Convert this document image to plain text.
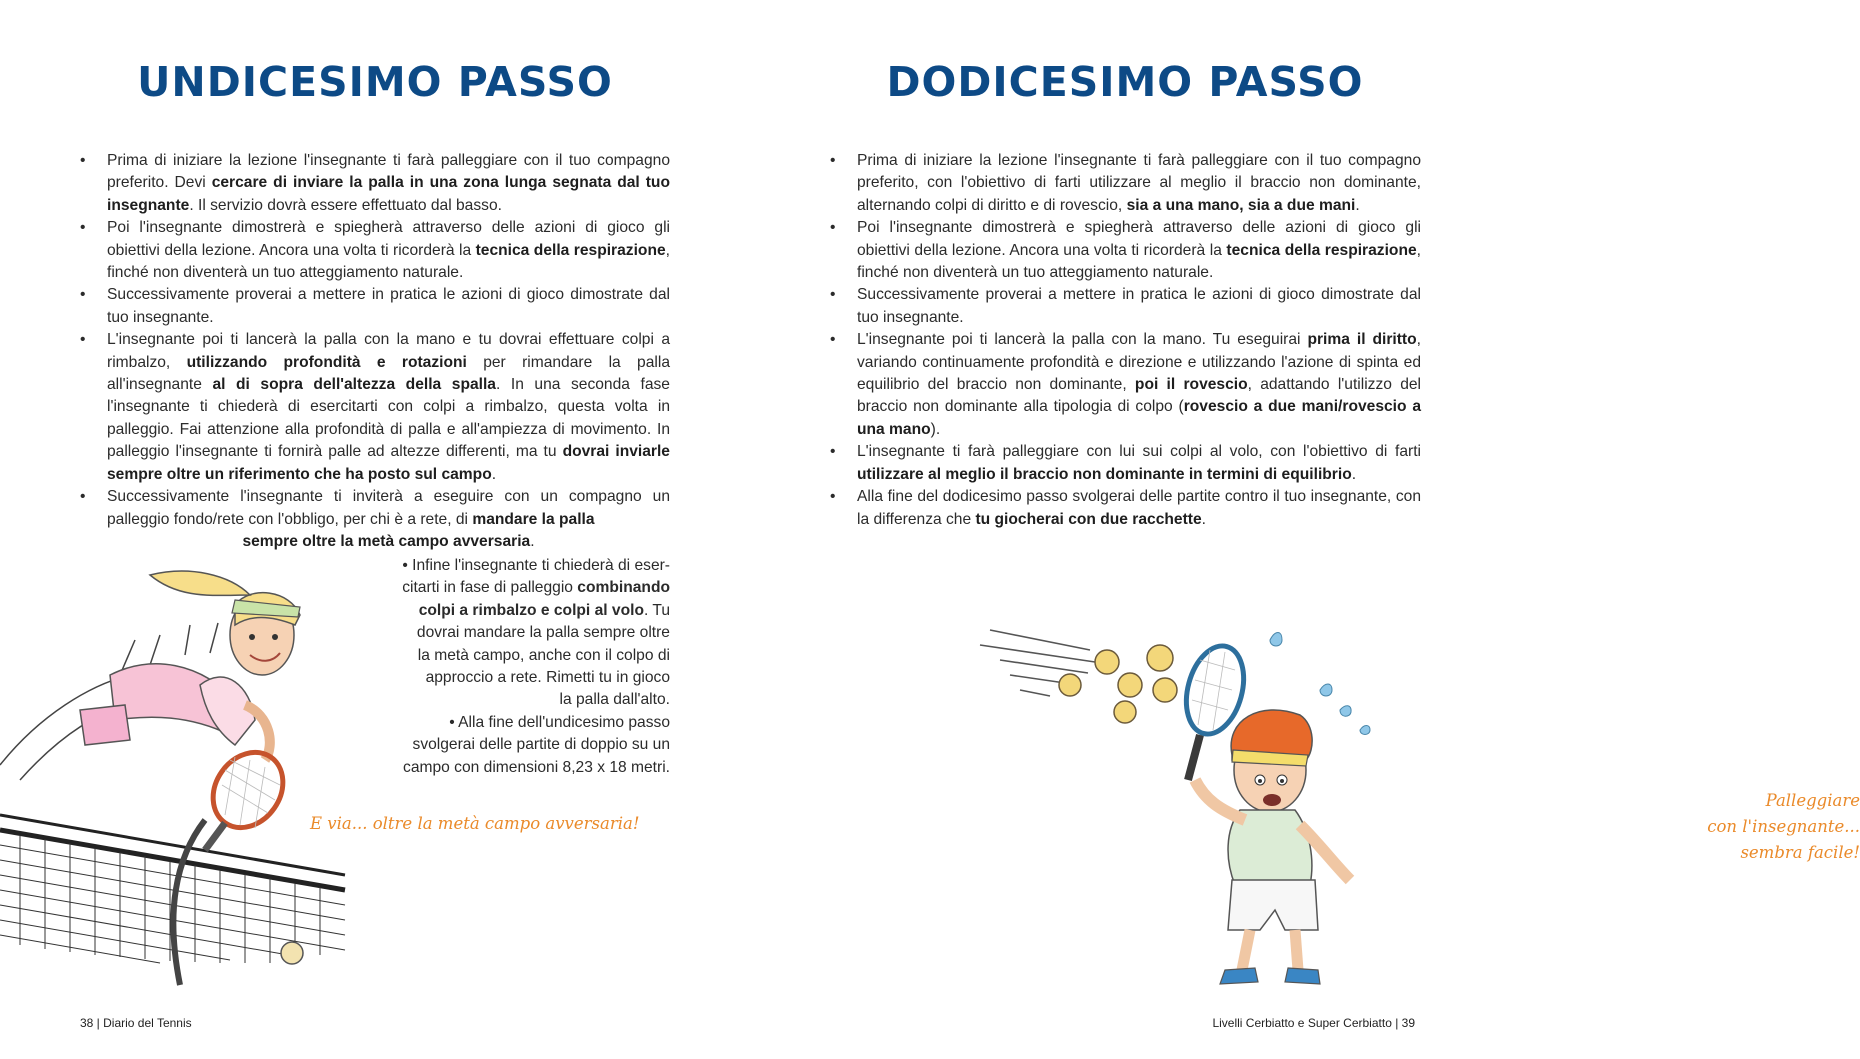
UNDICESIMO PASSO
• Prima di iniziare la lezione l'insegnante ti farà palleggiare con il tuo compagno preferito. Devi cercare di inviare la palla in una zona lunga segnata dal tuo insegnante. Il servizio dovrà essere effettuato dal basso.
• Poi l'insegnante dimostrerà e spiegherà attraverso delle azioni di gioco gli obiettivi della lezione. Ancora una volta ti ricorderà la tecnica della respirazione, finché non diventerà un tuo atteggiamento naturale.
• Successivamente proverai a mettere in pratica le azioni di gioco dimostrate dal tuo insegnante.
• L'insegnante poi ti lancerà la palla con la mano e tu dovrai effettuare colpi a rimbalzo, utilizzando profondità e rotazioni per rimandare la palla all'insegnante al di sopra dell'altezza della spalla. In una seconda fase l'insegnante ti chiederà di esercitarti con colpi a rimbalzo, questa volta in palleggio. Fai attenzione alla profondità di palla e all'ampiezza di movimento. In palleggio l'insegnante ti fornirà palle ad altezze differenti, ma tu dovrai inviarle sempre oltre un riferimento che ha posto sul campo.
• Successivamente l'insegnante ti inviterà a eseguire con un compagno un palleggio fondo/rete con l'obbligo, per chi è a rete, di mandare la palla
sempre oltre la metà campo avversaria.
• Infine l'insegnante ti chiederà di eser-
citarti in fase di palleggio combinando
colpi a rimbalzo e colpi al volo. Tu
dovrai mandare la palla sempre oltre
la metà campo, anche con il colpo di
approccio a rete. Rimetti tu in gioco
la palla dall'alto.
• Alla fine dell'undicesimo passo
svolgerai delle partite di doppio su un
campo con dimensioni 8,23 x 18 metri.
E via... oltre la metà campo avversaria!
38 | Diario del Tennis
DODICESIMO PASSO
• Prima di iniziare la lezione l'insegnante ti farà palleggiare con il tuo compagno preferito, con l'obiettivo di farti utilizzare al meglio il braccio non dominante, alternando colpi di diritto e di rovescio, sia a una mano, sia a due mani.
• Poi l'insegnante dimostrerà e spiegherà attraverso delle azioni di gioco gli obiettivi della lezione. Ancora una volta ti ricorderà la tecnica della respirazione, finché non diventerà un tuo atteggiamento naturale.
• Successivamente proverai a mettere in pratica le azioni di gioco dimostrate dal tuo insegnante.
• L'insegnante poi ti lancerà la palla con la mano. Tu eseguirai prima il diritto, variando continuamente profondità e direzione e utilizzando l'azione di spinta ed equilibrio del braccio non dominante, poi il rovescio, adattando l'utilizzo del braccio non dominante alla tipologia di colpo (rovescio a due mani/rovescio a una mano).
• L'insegnante ti farà palleggiare con lui sui colpi al volo, con l'obiettivo di farti utilizzare al meglio il braccio non dominante in termini di equilibrio.
• Alla fine del dodicesimo passo svolgerai delle partite contro il tuo insegnante, con la differenza che tu giocherai con due racchette.
Palleggiare
con l'insegnante...
sembra facile!
Livelli Cerbiatto e Super Cerbiatto | 39
